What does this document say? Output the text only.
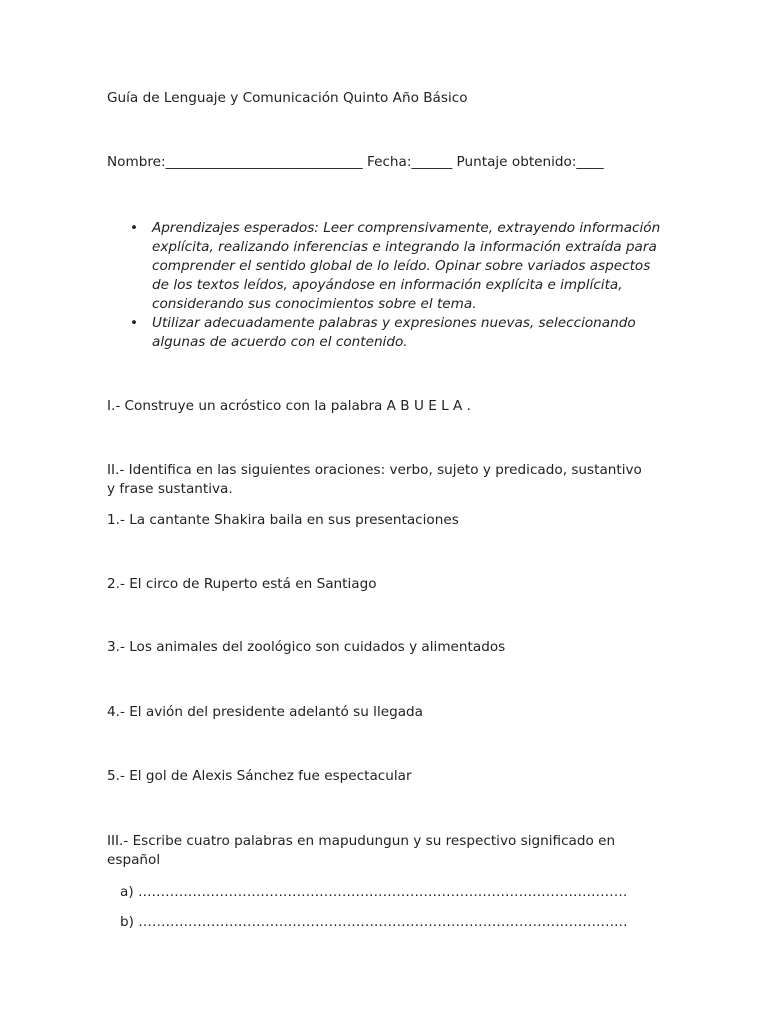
Guía de Lenguaje y Comunicación Quinto Año Básico
Nombre:_____________________________ Fecha:______ Puntaje obtenido:____
• Aprendizajes esperados: Leer comprensivamente, extrayendo información explícita, realizando inferencias e integrando la información extraída para comprender el sentido global de lo leído. Opinar sobre variados aspectos de los textos leídos, apoyándose en información explícita e implícita, considerando sus conocimientos sobre el tema.
• Utilizar adecuadamente palabras y expresiones nuevas, seleccionando algunas de acuerdo con el contenido.
I.- Construye un acróstico con la palabra A B U E L A .
II.- Identifica en las siguientes oraciones: verbo, sujeto y predicado, sustantivo y frase sustantiva.
1.- La cantante Shakira baila en sus presentaciones
2.- El circo de Ruperto está en Santiago
3.- Los animales del zoológico son cuidados y alimentados
4.- El avión del presidente adelantó su llegada
5.- El gol de Alexis Sánchez fue espectacular
III.- Escribe cuatro palabras en mapudungun y su respectivo significado en español
a) ………………………………………………………………………………………………
b) ………………………………………………………………………………………………
